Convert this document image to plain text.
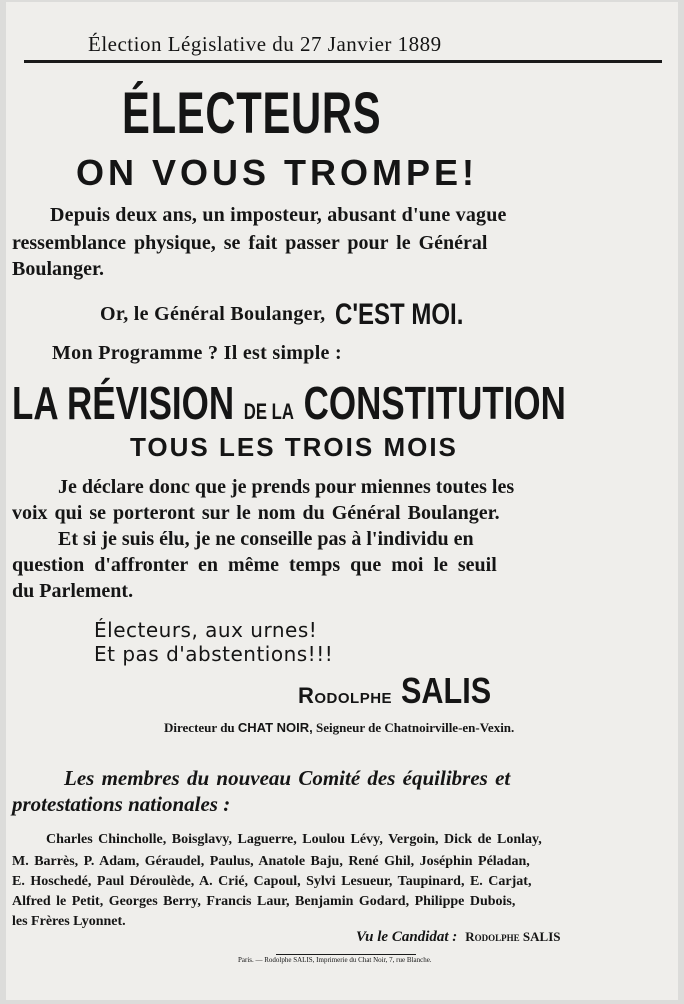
Élection Législative du 27 Janvier 1889
ÉLECTEURS
ON VOUS TROMPE!
Depuis deux ans, un imposteur, abusant d'une vague
ressemblance physique, se fait passer pour le Général
Boulanger.
Or, le Général Boulanger, C'EST MOI.
Mon Programme ? Il est simple :
LA RÉVISION DE LA CONSTITUTION
TOUS LES TROIS MOIS
Je déclare donc que je prends pour miennes toutes les
voix qui se porteront sur le nom du Général Boulanger.
Et si je suis élu, je ne conseille pas à l'individu en
question d'affronter en même temps que moi le seuil
du Parlement.
Électeurs, aux urnes!
Et pas d'abstentions!!!
Rodolphe SALIS
Directeur du CHAT NOIR, Seigneur de Chatnoirville-en-Vexin.
Les membres du nouveau Comité des équilibres et
protestations nationales :
Charles Chincholle, Boisglavy, Laguerre, Loulou Lévy, Vergoin, Dick de Lonlay,
M. Barrès, P. Adam, Géraudel, Paulus, Anatole Baju, René Ghil, Joséphin Péladan,
E. Hoschedé, Paul Déroulède, A. Crié, Capoul, Sylvi Lesueur, Taupinard, E. Carjat,
Alfred le Petit, Georges Berry, Francis Laur, Benjamin Godard, Philippe Dubois,
les Frères Lyonnet.
Vu le Candidat : Rodolphe SALIS
Paris. — Rodolphe SALIS, Imprimerie du Chat Noir, 7, rue Blanche.
